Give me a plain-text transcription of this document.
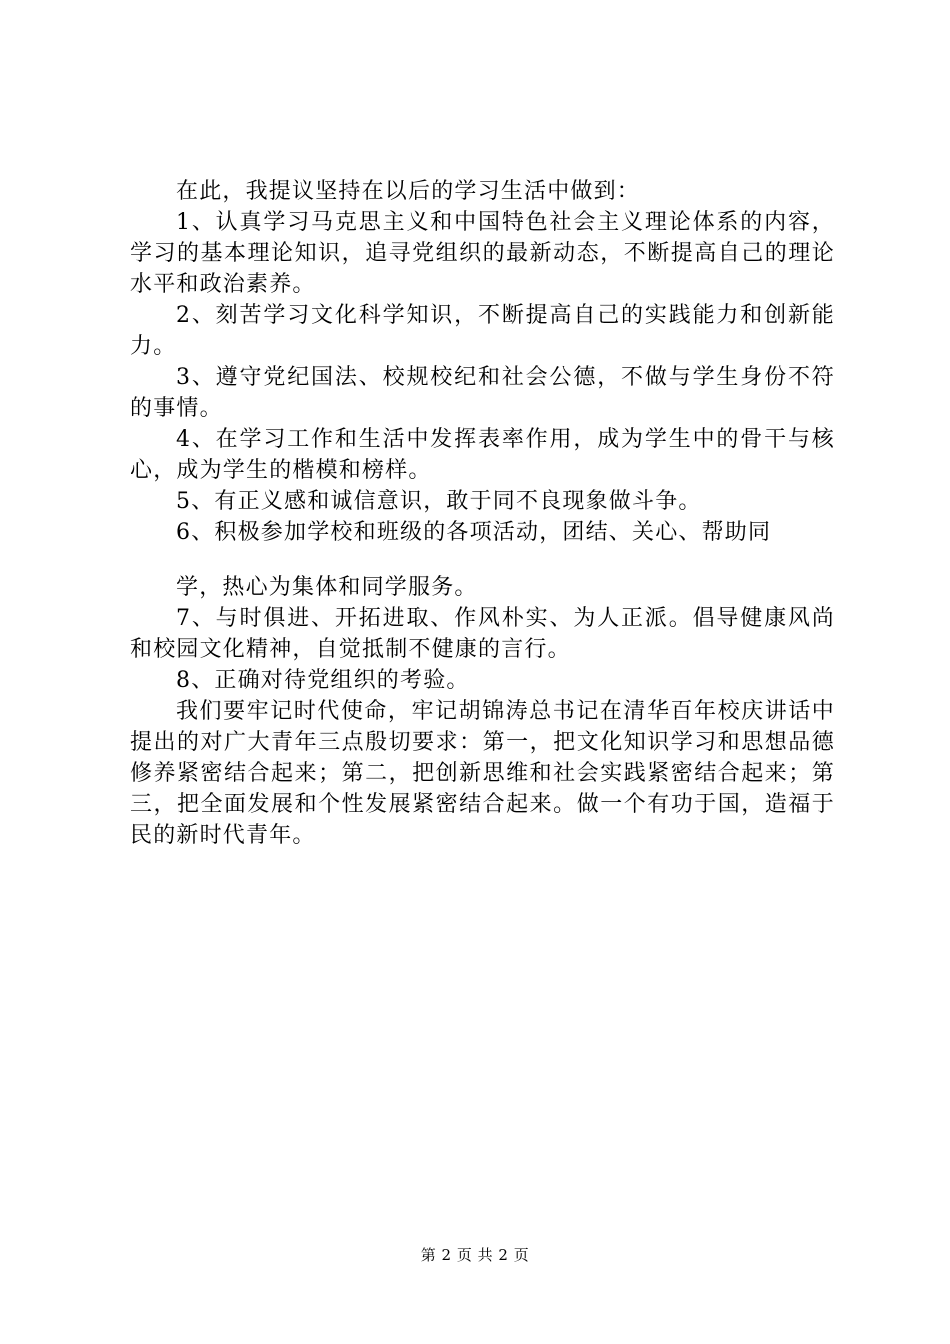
在此，我提议坚持在以后的学习生活中做到：

1、认真学习马克思主义和中国特色社会主义理论体系的内容，学习的基本理论知识，追寻党组织的最新动态，不断提高自己的理论水平和政治素养。

2、刻苦学习文化科学知识，不断提高自己的实践能力和创新能力。

3、遵守党纪国法、校规校纪和社会公德，不做与学生身份不符的事情。

4、在学习工作和生活中发挥表率作用，成为学生中的骨干与核心，成为学生的楷模和榜样。

5、有正义感和诚信意识，敢于同不良现象做斗争。

6、积极参加学校和班级的各项活动，团结、关心、帮助同

学，热心为集体和同学服务。

7、与时俱进、开拓进取、作风朴实、为人正派。倡导健康风尚和校园文化精神，自觉抵制不健康的言行。

8、正确对待党组织的考验。

我们要牢记时代使命，牢记胡锦涛总书记在清华百年校庆讲话中提出的对广大青年三点殷切要求：第一，把文化知识学习和思想品德修养紧密结合起来；第二，把创新思维和社会实践紧密结合起来；第三，把全面发展和个性发展紧密结合起来。做一个有功于国，造福于民的新时代青年。

第 2 页 共 2 页
